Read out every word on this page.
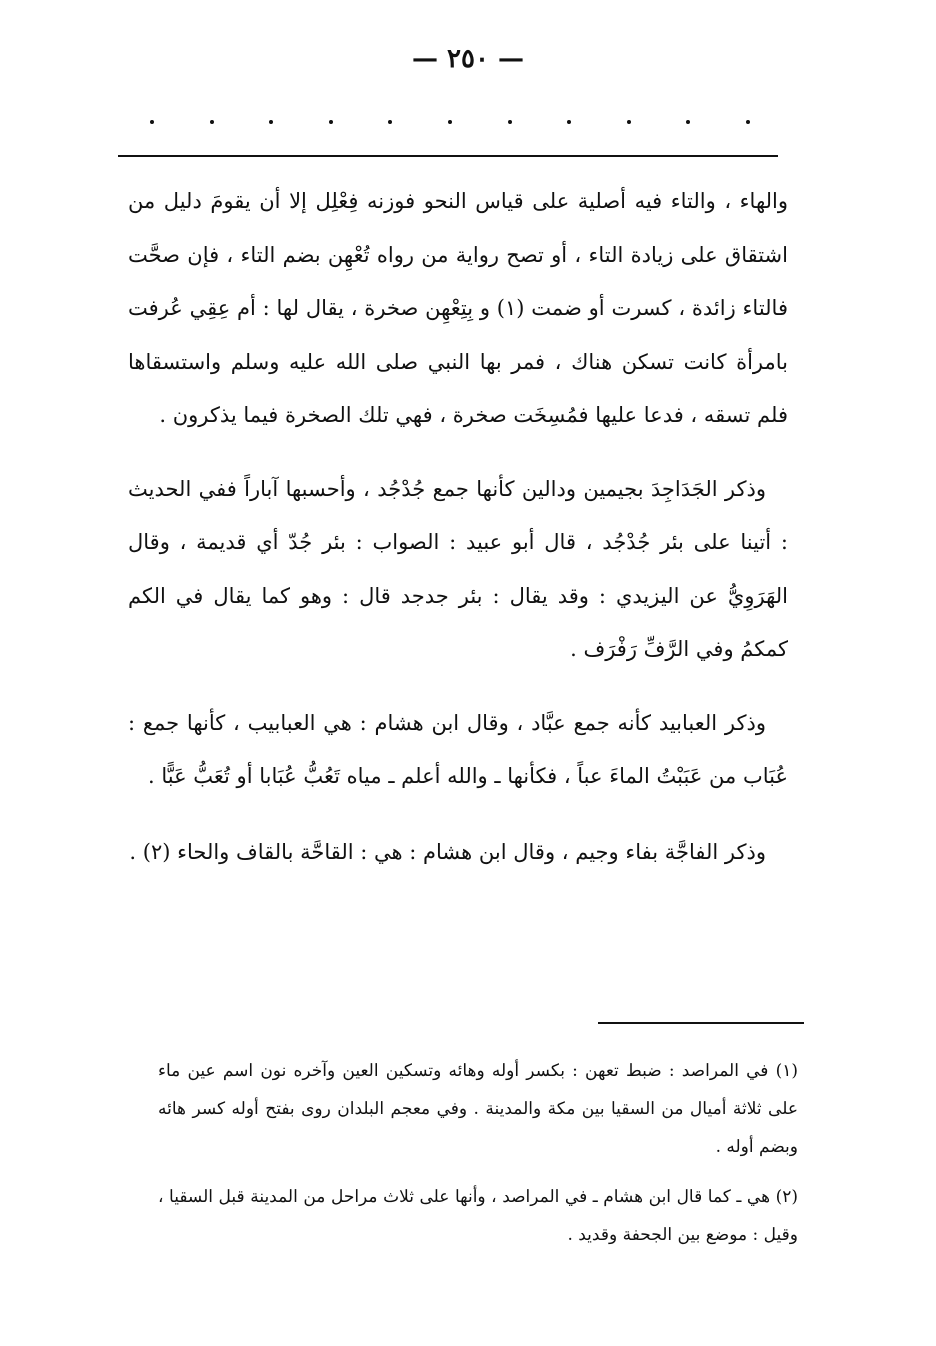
— ٢٥٠ —

والهاء ، والتاء فيه أصلية على قياس النحو فوزنه فِعْلِل إلا أن يقومَ دليل من اشتقاق على زيادة التاء ، أو تصح رواية من رواه تُعْهِن بضم التاء ، فإن صحَّت فالتاء زائدة ، كسرت أو ضمت (١) و بِتِعْهِن صخرة ، يقال لها : أم عِقِي عُرفت بامرأة كانت تسكن هناك ، فمر بها النبي صلى الله عليه وسلم واستسقاها فلم تسقه ، فدعا عليها فمُسِخَت صخرة ، فهي تلك الصخرة فيما يذكرون .

وذكر الجَدَاجِدَ بجيمين ودالين كأنها جمع جُدْجُد ، وأحسبها آباراً ففي الحديث : أتينا على بئر جُدْجُد ، قال أبو عبيد : الصواب : بئر جُدّ أي قديمة ، وقال الهَرَوِيُّ عن اليزيدي : وقد يقال : بئر جدجد قال : وهو كما يقال في الكم كمكمُ وفي الرَّفِّ رَفْرَف .

وذكر العبابيد كأنه جمع عبَّاد ، وقال ابن هشام : هي العبابيب ، كأنها جمع : عُبَاب من عَبَبْتُ الماءَ عباً ، فكأنها ـ والله أعلم ـ مياه تَعُبُّ عُبَابا أو تُعَبُّ عَبًّا .

وذكر الفاجَّة بفاء وجيم ، وقال ابن هشام : هي : القاحَّة بالقاف والحاء (٢) .

(١) في المراصد : ضبط تعهن : بكسر أوله وهائه وتسكين العين وآخره نون اسم عين ماء على ثلاثة أميال من السقيا بين مكة والمدينة . وفي معجم البلدان روى بفتح أوله كسر هائه وبضم أوله .

(٢) هي ـ كما قال ابن هشام ـ في المراصد ، وأنها على ثلاث مراحل من المدينة قبل السقيا ، وقيل : موضع بين الجحفة وقديد .
